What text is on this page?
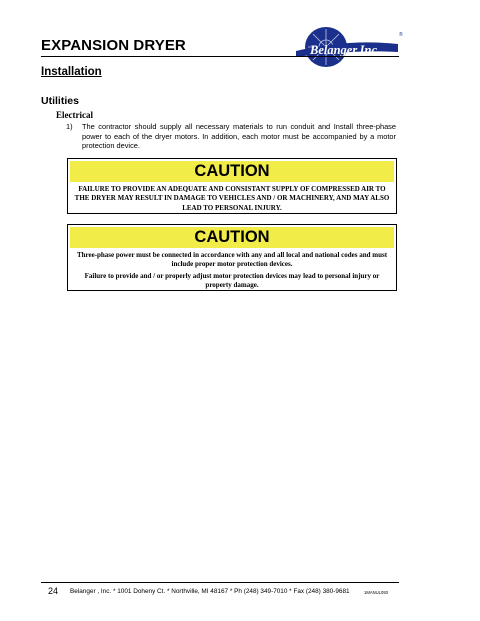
EXPANSION DRYER	Belanger,Inc.
®
Installation
Utilities
Electrical
1) The contractor should supply all necessary materials to run conduit and Install three-phase power to each of the dryer motors. In addition, each motor must be accompanied by a motor protection device.
CAUTION
FAILURE TO PROVIDE AN ADEQUATE AND CONSISTANT SUPPLY OF COMPRESSED AIR TO THE DRYER MAY RESULT IN DAMAGE TO VEHICLES AND / OR MACHINERY, AND MAY ALSO LEAD TO PERSONAL INJURY.
CAUTION
Three-phase power must be connected in accordance with any and all local and national codes and must include proper motor protection devices.
Failure to provide and / or properly adjust motor protection devices may lead to personal injury or property damage.
24 Belanger , Inc. * 1001 Doheny Ct. * Northville, MI 48167 * Ph (248) 349-7010 * Fax (248) 380-9681	1MANUL093
